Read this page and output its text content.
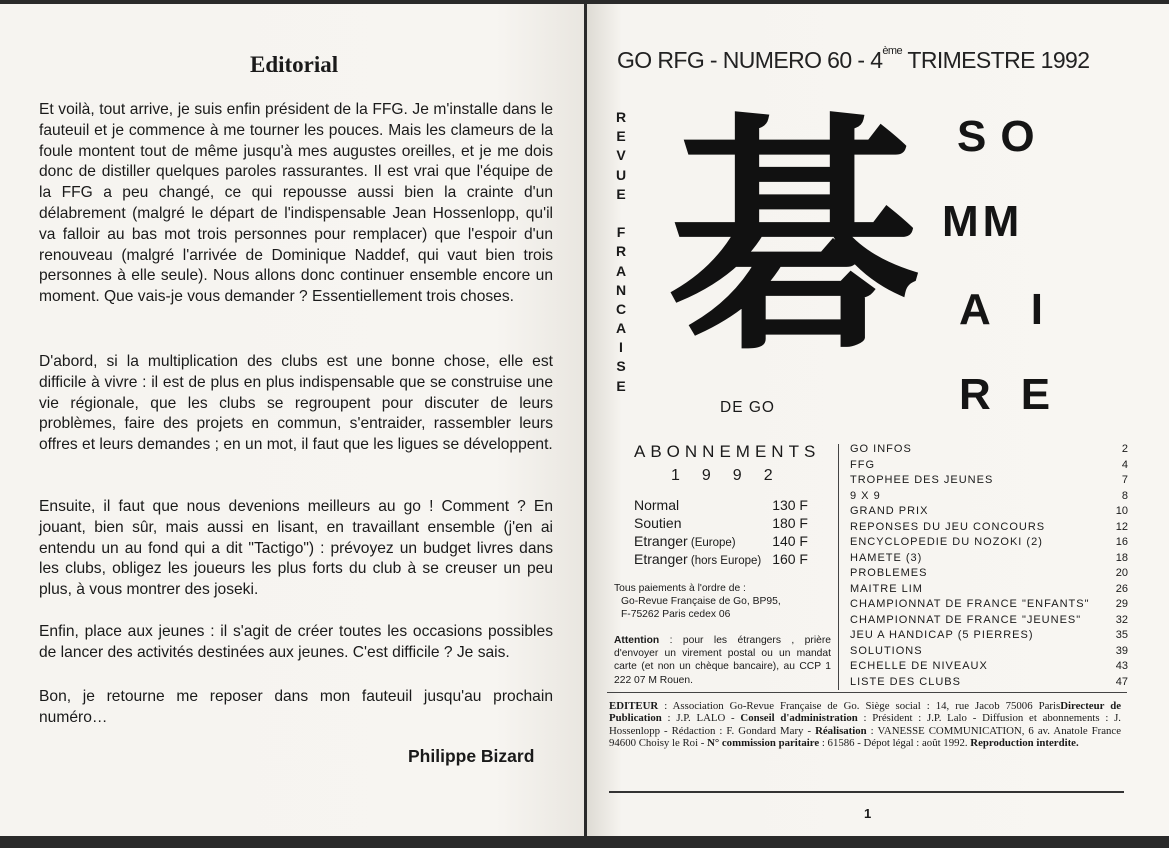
Editorial

Et voilà, tout arrive, je suis enfin président de la FFG. Je m'installe dans le fauteuil et je commence à me tourner les pouces. Mais les clameurs de la foule montent tout de même jusqu'à mes augustes oreilles, et je me dois donc de distiller quelques paroles rassurantes. Il est vrai que l'équipe de la FFG a peu changé, ce qui repousse aussi bien la crainte d'un délabrement (malgré le départ de l'indispensable Jean Hossenlopp, qu'il va falloir au bas mot trois personnes pour remplacer) que l'espoir d'un renouveau (malgré l'arrivée de Dominique Naddef, qui vaut bien trois personnes à elle seule). Nous allons donc continuer ensemble encore un moment. Que vais-je vous demander ? Essentiellement trois choses.

D'abord, si la multiplication des clubs est une bonne chose, elle est difficile à vivre : il est de plus en plus indispensable que se construise une vie régionale, que les clubs se regroupent pour discuter de leurs problèmes, faire des projets en commun, s'entraider, rassembler leurs offres et leurs demandes ; en un mot, il faut que les ligues se développent.

Ensuite, il faut que nous devenions meilleurs au go ! Comment ? En jouant, bien sûr, mais aussi en lisant, en travaillant ensemble (j'en ai entendu un au fond qui a dit "Tactigo") : prévoyez un budget livres dans les clubs, obligez les joueurs les plus forts du club à se creuser un peu plus, à vous montrer des joseki.

Enfin, place aux jeunes : il s'agit de créer toutes les occasions possibles de lancer des activités destinées aux jeunes. C'est difficile ? Je sais.

Bon, je retourne me reposer dans mon fauteuil jusqu'au prochain numéro…

Philippe Bizard
GO RFG - NUMERO 60 - 4ème TRIMESTRE 1992
R
E
V
U
E
F
R
A
N
C
A
I
S
E
碁
DE GO
SO
MM
AI
RE
ABONNEMENTS
1992
Normal	130 F
Soutien	180 F
Etranger (Europe)	140 F
Etranger (hors Europe) 160 F
Tous paiements à l'ordre de :
Go-Revue Française de Go, BP95,
F-75262 Paris cedex 06
Attention : pour les étrangers , prière d'envoyer un virement postal ou un mandat carte (et non un chèque bancaire), au CCP 1 222 07 M Rouen.
GO INFOS	2
FFG	4
TROPHEE DES JEUNES	7
9 X 9	8
GRAND PRIX	10
REPONSES DU JEU CONCOURS	12
ENCYCLOPEDIE DU NOZOKI (2)	16
HAMETE (3)	18
PROBLEMES	20
MAITRE LIM	26
CHAMPIONNAT DE FRANCE "ENFANTS" 29
CHAMPIONNAT DE FRANCE "JEUNES"	32
JEU A HANDICAP (5 PIERRES)	35
SOLUTIONS	39
ECHELLE DE NIVEAUX	43
LISTE DES CLUBS	47
EDITEUR : Association Go-Revue Française de Go. Siège social : 14, rue Jacob 75006 ParisDirecteur de Publication : J.P. LALO - Conseil d'administration : Président : J.P. Lalo - Diffusion et abonnements : J. Hossenlopp - Rédaction : F. Gondard Mary - Réalisation : VANESSE COMMUNICATION, 6 av. Anatole France 94600 Choisy le Roi - N° commission paritaire : 61586 - Dépot légal : août 1992. Reproduction interdite.
1
